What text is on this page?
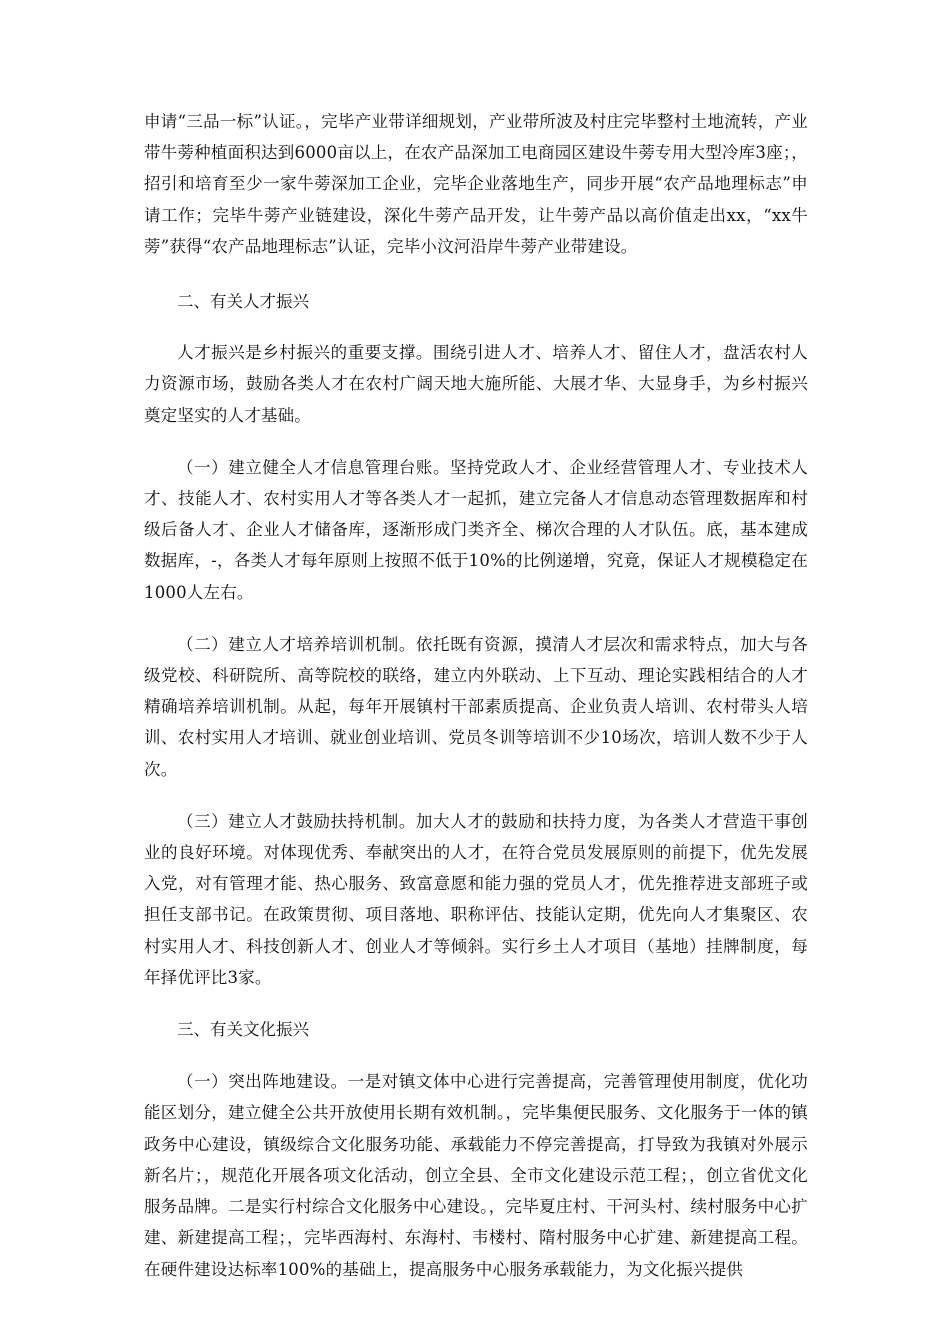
申请“三品一标”认证。，完毕产业带详细规划，产业带所波及村庄完毕整村土地流转，产业带牛蒡种植面积达到6000亩以上，在农产品深加工电商园区建设牛蒡专用大型冷库3座；，招引和培育至少一家牛蒡深加工企业，完毕企业落地生产，同步开展“农产品地理标志”申请工作；完毕牛蒡产业链建设，深化牛蒡产品开发，让牛蒡产品以高价值走出xx，“xx牛蒡”获得“农产品地理标志”认证，完毕小汶河沿岸牛蒡产业带建设。

二、有关人才振兴

人才振兴是乡村振兴的重要支撑。围绕引进人才、培养人才、留住人才，盘活农村人力资源市场，鼓励各类人才在农村广阔天地大施所能、大展才华、大显身手，为乡村振兴奠定坚实的人才基础。

（一）建立健全人才信息管理台账。坚持党政人才、企业经营管理人才、专业技术人才、技能人才、农村实用人才等各类人才一起抓，建立完备人才信息动态管理数据库和村级后备人才、企业人才储备库，逐渐形成门类齐全、梯次合理的人才队伍。底，基本建成数据库，-，各类人才每年原则上按照不低于10%的比例递增，究竟，保证人才规模稳定在1000人左右。

（二）建立人才培养培训机制。依托既有资源，摸清人才层次和需求特点，加大与各级党校、科研院所、高等院校的联络，建立内外联动、上下互动、理论实践相结合的人才精确培养培训机制。从起，每年开展镇村干部素质提高、企业负责人培训、农村带头人培训、农村实用人才培训、就业创业培训、党员冬训等培训不少10场次，培训人数不少于人次。

（三）建立人才鼓励扶持机制。加大人才的鼓励和扶持力度，为各类人才营造干事创业的良好环境。对体现优秀、奉献突出的人才，在符合党员发展原则的前提下，优先发展入党，对有管理才能、热心服务、致富意愿和能力强的党员人才，优先推荐进支部班子或担任支部书记。在政策贯彻、项目落地、职称评估、技能认定期，优先向人才集聚区、农村实用人才、科技创新人才、创业人才等倾斜。实行乡土人才项目（基地）挂牌制度，每年择优评比3家。

三、有关文化振兴

（一）突出阵地建设。一是对镇文体中心进行完善提高，完善管理使用制度，优化功能区划分，建立健全公共开放使用长期有效机制。，完毕集便民服务、文化服务于一体的镇政务中心建设，镇级综合文化服务功能、承载能力不停完善提高，打导致为我镇对外展示新名片；，规范化开展各项文化活动，创立全县、全市文化建设示范工程；，创立省优文化服务品牌。二是实行村综合文化服务中心建设。，完毕夏庄村、干河头村、续村服务中心扩建、新建提高工程；，完毕西海村、东海村、韦楼村、隋村服务中心扩建、新建提高工程。在硬件建设达标率100%的基础上，提高服务中心服务承载能力，为文化振兴提供
